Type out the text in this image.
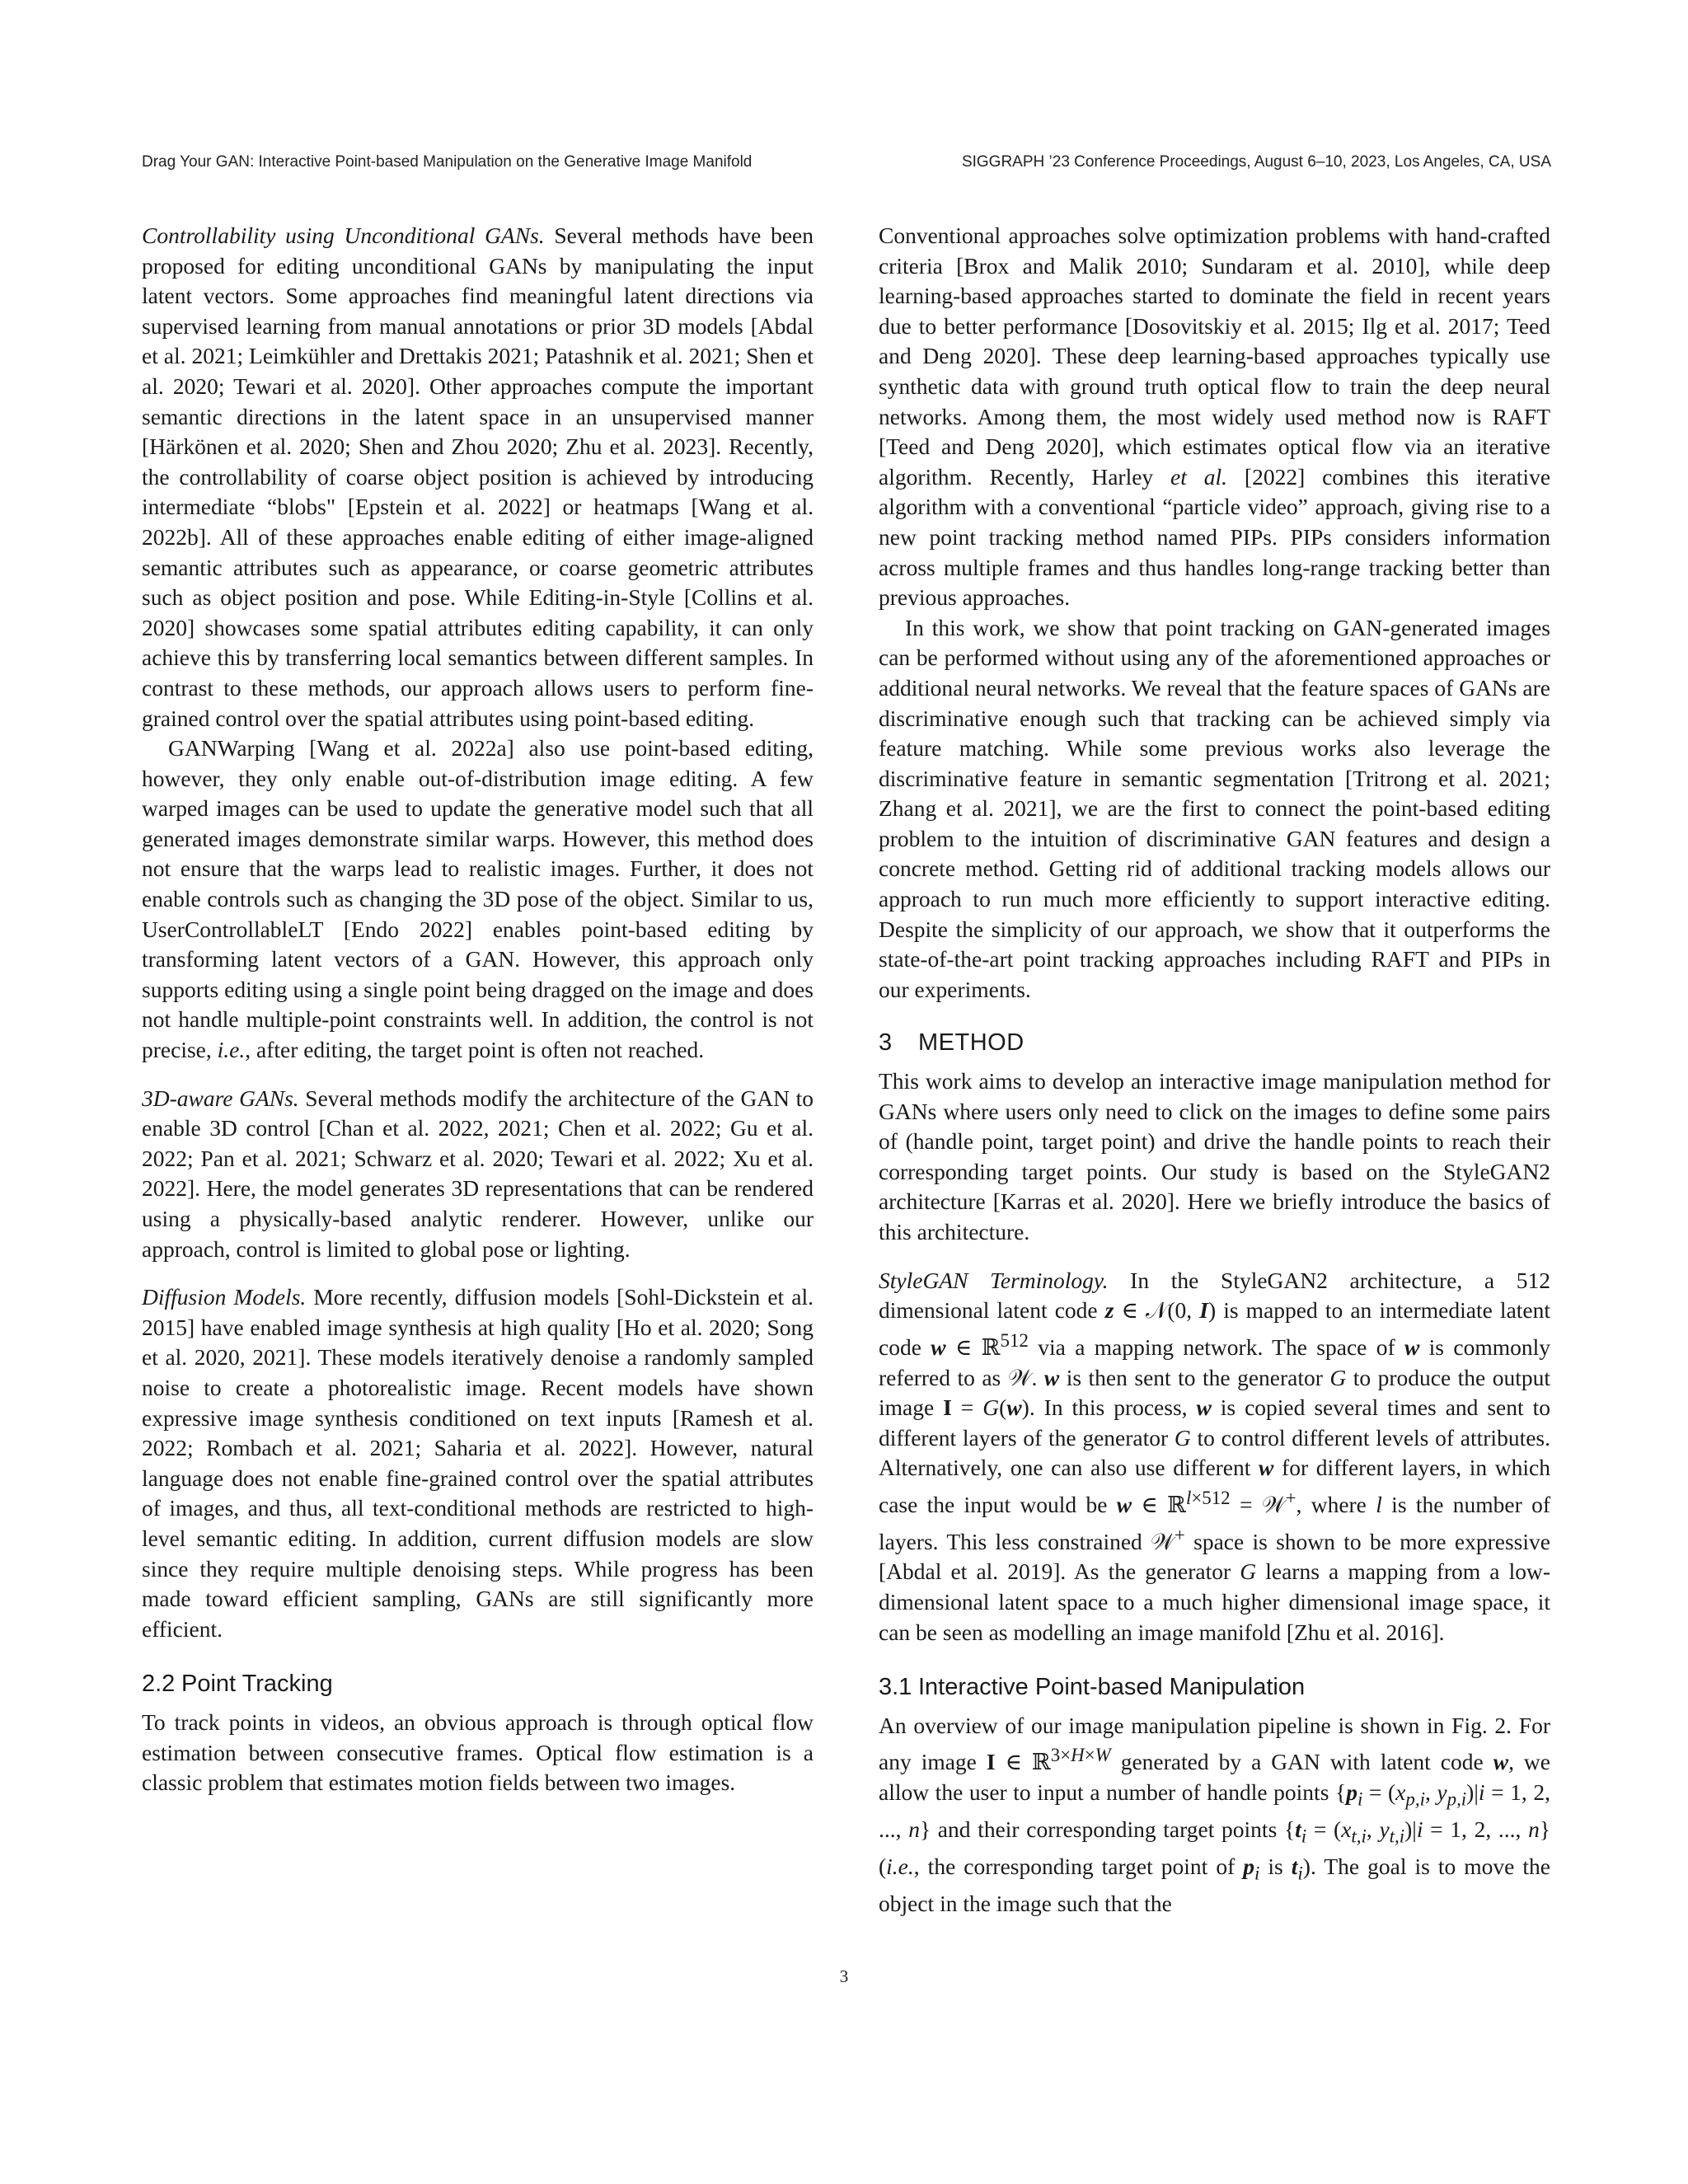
Drag Your GAN: Interactive Point-based Manipulation on the Generative Image Manifold	SIGGRAPH ’23 Conference Proceedings, August 6–10, 2023, Los Angeles, CA, USA

Controllability using Unconditional GANs. Several methods have been proposed for editing unconditional GANs by manipulating the input latent vectors. Some approaches find meaningful latent directions via supervised learning from manual annotations or prior 3D models [Abdal et al. 2021; Leimkühler and Drettakis 2021; Patashnik et al. 2021; Shen et al. 2020; Tewari et al. 2020]. Other approaches compute the important semantic directions in the latent space in an unsupervised manner [Härkönen et al. 2020; Shen and Zhou 2020; Zhu et al. 2023]. Recently, the controllability of coarse object position is achieved by introducing intermediate “blobs" [Epstein et al. 2022] or heatmaps [Wang et al. 2022b]. All of these approaches enable editing of either image-aligned semantic attributes such as appearance, or coarse geometric attributes such as object position and pose. While Editing-in-Style [Collins et al. 2020] showcases some spatial attributes editing capability, it can only achieve this by transferring local semantics between different samples. In contrast to these methods, our approach allows users to perform fine-grained control over the spatial attributes using point-based editing.

GANWarping [Wang et al. 2022a] also use point-based editing, however, they only enable out-of-distribution image editing. A few warped images can be used to update the generative model such that all generated images demonstrate similar warps. However, this method does not ensure that the warps lead to realistic images. Further, it does not enable controls such as changing the 3D pose of the object. Similar to us, UserControllableLT [Endo 2022] enables point-based editing by transforming latent vectors of a GAN. However, this approach only supports editing using a single point being dragged on the image and does not handle multiple-point constraints well. In addition, the control is not precise, i.e., after editing, the target point is often not reached.

3D-aware GANs. Several methods modify the architecture of the GAN to enable 3D control [Chan et al. 2022, 2021; Chen et al. 2022; Gu et al. 2022; Pan et al. 2021; Schwarz et al. 2020; Tewari et al. 2022; Xu et al. 2022]. Here, the model generates 3D representations that can be rendered using a physically-based analytic renderer. However, unlike our approach, control is limited to global pose or lighting.

Diffusion Models. More recently, diffusion models [Sohl-Dickstein et al. 2015] have enabled image synthesis at high quality [Ho et al. 2020; Song et al. 2020, 2021]. These models iteratively denoise a randomly sampled noise to create a photorealistic image. Recent models have shown expressive image synthesis conditioned on text inputs [Ramesh et al. 2022; Rombach et al. 2021; Saharia et al. 2022]. However, natural language does not enable fine-grained control over the spatial attributes of images, and thus, all text-conditional methods are restricted to high-level semantic editing. In addition, current diffusion models are slow since they require multiple denoising steps. While progress has been made toward efficient sampling, GANs are still significantly more efficient.

2.2 Point Tracking

To track points in videos, an obvious approach is through optical flow estimation between consecutive frames. Optical flow estimation is a classic problem that estimates motion fields between two images.

Conventional approaches solve optimization problems with hand-crafted criteria [Brox and Malik 2010; Sundaram et al. 2010], while deep learning-based approaches started to dominate the field in recent years due to better performance [Dosovitskiy et al. 2015; Ilg et al. 2017; Teed and Deng 2020]. These deep learning-based approaches typically use synthetic data with ground truth optical flow to train the deep neural networks. Among them, the most widely used method now is RAFT [Teed and Deng 2020], which estimates optical flow via an iterative algorithm. Recently, Harley et al. [2022] combines this iterative algorithm with a conventional “particle video” approach, giving rise to a new point tracking method named PIPs. PIPs considers information across multiple frames and thus handles long-range tracking better than previous approaches.

In this work, we show that point tracking on GAN-generated images can be performed without using any of the aforementioned approaches or additional neural networks. We reveal that the feature spaces of GANs are discriminative enough such that tracking can be achieved simply via feature matching. While some previous works also leverage the discriminative feature in semantic segmentation [Tritrong et al. 2021; Zhang et al. 2021], we are the first to connect the point-based editing problem to the intuition of discriminative GAN features and design a concrete method. Getting rid of additional tracking models allows our approach to run much more efficiently to support interactive editing. Despite the simplicity of our approach, we show that it outperforms the state-of-the-art point tracking approaches including RAFT and PIPs in our experiments.

3 METHOD

This work aims to develop an interactive image manipulation method for GANs where users only need to click on the images to define some pairs of (handle point, target point) and drive the handle points to reach their corresponding target points. Our study is based on the StyleGAN2 architecture [Karras et al. 2020]. Here we briefly introduce the basics of this architecture.

StyleGAN Terminology. In the StyleGAN2 architecture, a 512 dimensional latent code z ∈ 𝒩(0, I) is mapped to an intermediate latent code w ∈ ℝ$^{512}$ via a mapping network. The space of w is commonly referred to as 𝒲. w is then sent to the generator G to produce the output image I = G(w). In this process, w is copied several times and sent to different layers of the generator G to control different levels of attributes. Alternatively, one can also use different w for different layers, in which case the input would be w ∈ ℝ$^{l\times 512}$ = 𝒲+, where l is the number of layers. This less constrained 𝒲+ space is shown to be more expressive [Abdal et al. 2019]. As the generator G learns a mapping from a low-dimensional latent space to a much higher dimensional image space, it can be seen as modelling an image manifold [Zhu et al. 2016].

3.1 Interactive Point-based Manipulation

An overview of our image manipulation pipeline is shown in Fig. 2. For any image I ∈ ℝ$^{3\times H\times W}$ generated by a GAN with latent code w, we allow the user to input a number of handle points {$p_i = (x_{p,i}$, $y_{p,i})|i = 1$, 2, ..., n} and their corresponding target points {$t_i = (x_{t,i}$, $y_{t,i})|i = 1$, 2, ..., n} (i.e., the corresponding target point of $p_i$ is $t_i$). The goal is to move the object in the image such that the

3
